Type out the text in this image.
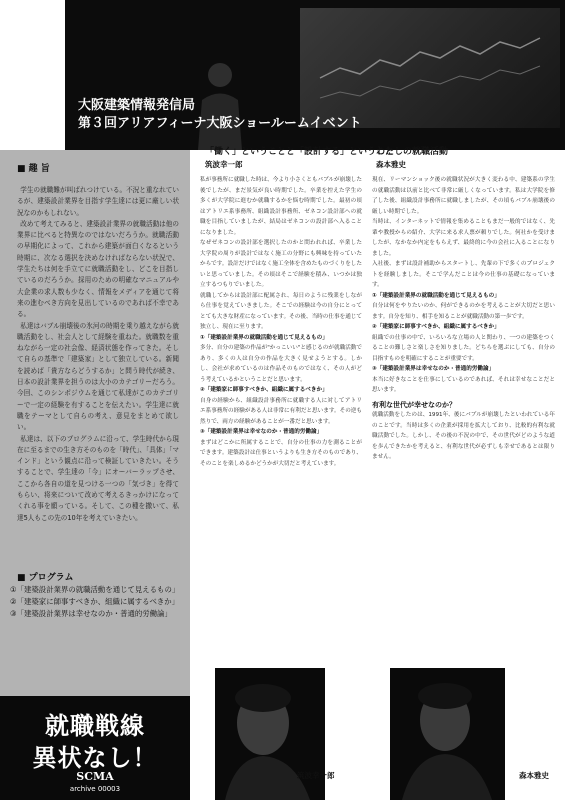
大阪建築情報発信局
第３回アリアフィーナ大阪ショールームイベント
■ 趣 旨

学生の就職難が叫ばれつけている。不況と重なれているが、建築設計業界を目指す学生達には更に厳しい状況なのかもしれない。

改めて考えてみると、建築設計業界の就職活動は他の業界に比べると特異なのではないだろうか。就職活動の早期化によって、これから建築が面白くなるという時期に、次なる選択を決めなければならない状況で、学生たちは何を手立てに就職活動をし、どこを目指しているのだろうか。採用のための明確なマニュアルや大企業の求人数も少なく、情報をメディアを通じて将来の進むべき方向を見出しているのであれば不幸である。

私達はバブル崩壊後の氷河の時期を乗り越えながら就職活動をし、社会人として経験を重ねた。就職数を重ねながら一定の社会像、経済状態を作ってきた。そして自らの基準で「建築家」として独立している。新聞を読めば「貴方ならどうするか」と問う時代が続き、日本の設計業界を担うのは大小のカテゴリーだろう。今回、このシンポジウムを通じて私達がこのカテゴリーで一定の経験を有することを伝えたい。学生達に就職をテーマとして自らの考え、意見をまとめて欲しい。

私達は、以下のプログラムに沿って、学生時代から現在に至るまでの生き方そのものを「時代」、「具体」「マインド」という観点に沿って検証していきたい。そうすることで、学生達の「今」にオーバーラップさせ、ここから各自の道を見つける一つの「気づき」を得てもらい、将来について改めて考えるきっかけになってくれる事を願っている。そして、この種を撒いて、私達5人もこの先の10年を考えていきたい。

■ プログラム
①「建築設計業界の就職活動を通じて見えるもの」
②「建築家に師事すべきか、組織に属するべきか」
③「建築設計業界は幸せなのか・普通的労働論」
就職戦線
異状なし！
SCMA
archive 00003
「働く」ということと「設計する」ということ
筑波幸一郎

私が事務所に就職した時は、今より小さくともバブルが崩壊した後でしたが、まだ景気が良い時期でした。卒業を控えた学生の多くが大学院に進むか就職するかを悩む時期でした。最初の頃はアトリエ系事務所、組織設計事務所、ゼネコン設計部への就職を目指していましたが、結局はゼネコンの設計部へ入ることになりました。

なぜゼネコンの設計部を選択したのかと問われれば、卒業した大学院の周りが設計ではなく施工の分野にも興味を持っていたからです。設計だけではなく施工全体を含めたものづくりをしたいと思っていました。その頃はそこで経験を積み、いつかは独立するつもりでいました。

就職してからは設計部に配属され、毎日のように残業をしながら仕事を覚えていきました。そこでの経験は今の自分にとってとても大きな財産になっています。その後、当時の仕事を通じて独立し、現在に至ります。

①「建築設計業界の就職活動を通じて見えるもの」

多分、自分の建築の作品が"かっこいい"と感じるのが就職活動であり、多くの人は自分の作品を大きく見せようとする。しかし、会社が求めているのは作品そのものではなく、その人がどう考えているかということだと思います。

②「建築家に師事すべきか、組織に属するべきか」

自身の経験から、組織設計事務所に就職する人に対してアトリエ系事務所の経験がある人は非常に有利だと思います。その逆も然りで、両方の経験があることが一番だと思います。

③「建築設計業界は幸せなのか・普通的労働論」

まずはどこかに所属することで、自分の仕事の力を測ることができます。建築設計は仕事というよりも生き方そのものであり、そのことを楽しめるかどうかが大切だと考えています。

わたしの就職活動
森本雅史

現在、リーマンショック後の就職状況が大きく変わる中、建築系の学生の就職活動は以前と比べて非常に厳しくなっています。私は大学院を修了した後、組織設計事務所に就職しましたが、その頃もバブル崩壊後の厳しい時期でした。

当時は、インターネットで情報を集めることもまだ一般的ではなく、先輩や教授からの紹介、大学に来る求人票が頼りでした。何社かを受けましたが、なかなか内定をもらえず、最終的に今の会社に入ることになりました。

入社後、まずは設計補助からスタートし、先輩の下で多くのプロジェクトを経験しました。そこで学んだことは今の仕事の基礎になっています。

①「建築設計業界の就職活動を通じて見えるもの」

自分は何をやりたいのか、何ができるのかを考えることが大切だと思います。自分を知り、相手を知ることが就職活動の第一歩です。

②「建築家に師事すべきか、組織に属するべきか」

組織での仕事の中で、いろいろな立場の人と関わり、一つの建築をつくることの難しさと楽しさを知りました。どちらを選ぶにしても、自分の目指すものを明確にすることが重要です。

③「建築設計業界は幸せなのか・普通的労働論」

本当に好きなことを仕事にしているのであれば、それは幸せなことだと思います。

有利な世代が幸せなのか？

就職活動をしたのは、1991年、後にバブルが崩壊したといわれている年のことです。当時は多くの企業が採用を拡大しており、比較的有利な就職活動でした。しかし、その後の不況の中で、その世代がどのような道を歩んできたかを考えると、有利な世代が必ずしも幸せであるとは限りません。

筑波幸一郎	森本雅史
